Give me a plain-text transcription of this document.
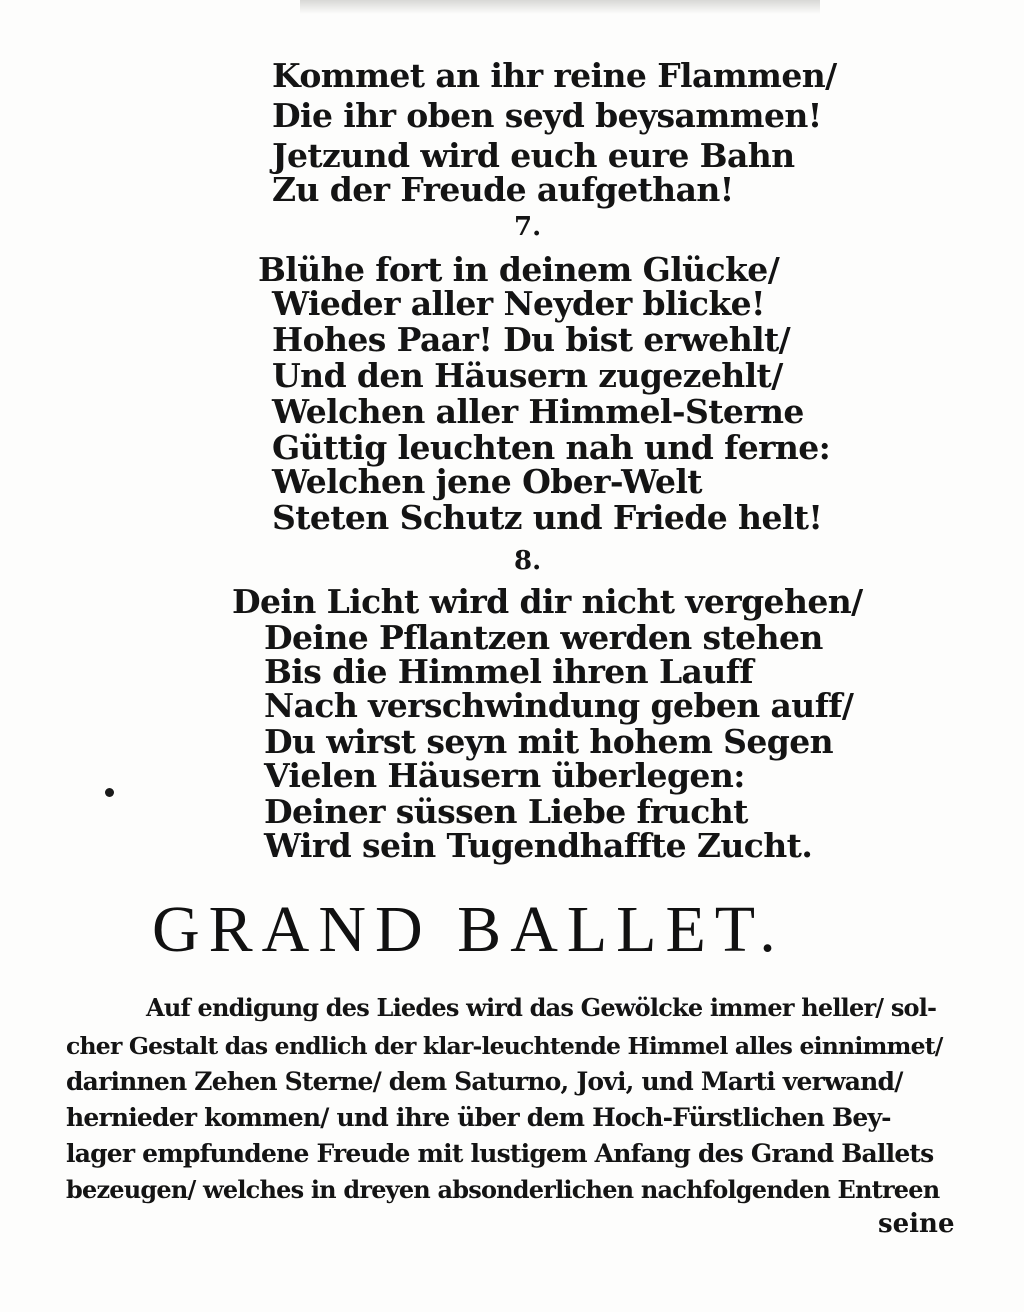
Kommet an ihr reine Flammen/

Die ihr oben seyd beysammen!

Jetzund wird euch eure Bahn

Zu der Freude aufgethan!

7.

Blühe fort in deinem Glücke/

Wieder aller Neyder blicke!

Hohes Paar! Du bist erwehlt/

Und den Häusern zugezehlt/

Welchen aller Himmel-Sterne

Güttig leuchten nah und ferne:

Welchen jene Ober-Welt

Steten Schutz und Friede helt!

8.

Dein Licht wird dir nicht vergehen/

Deine Pflantzen werden stehen

Bis die Himmel ihren Lauff

Nach verschwindung geben auff/

Du wirst seyn mit hohem Segen

Vielen Häusern überlegen:

Deiner süssen Liebe frucht

Wird sein Tugendhaffte Zucht.

GRAND BALLET.

Auf endigung des Liedes wird das Gewölcke immer heller/ sol-

cher Gestalt das endlich der klar-leuchtende Himmel alles einnimmet/

darinnen Zehen Sterne/ dem Saturno, Jovi, und Marti verwand/

hernieder kommen/ und ihre über dem Hoch-Fürstlichen Bey-

lager empfundene Freude mit lustigem Anfang des Grand Ballets

bezeugen/ welches in dreyen absonderlichen nachfolgenden Entreen

seine
